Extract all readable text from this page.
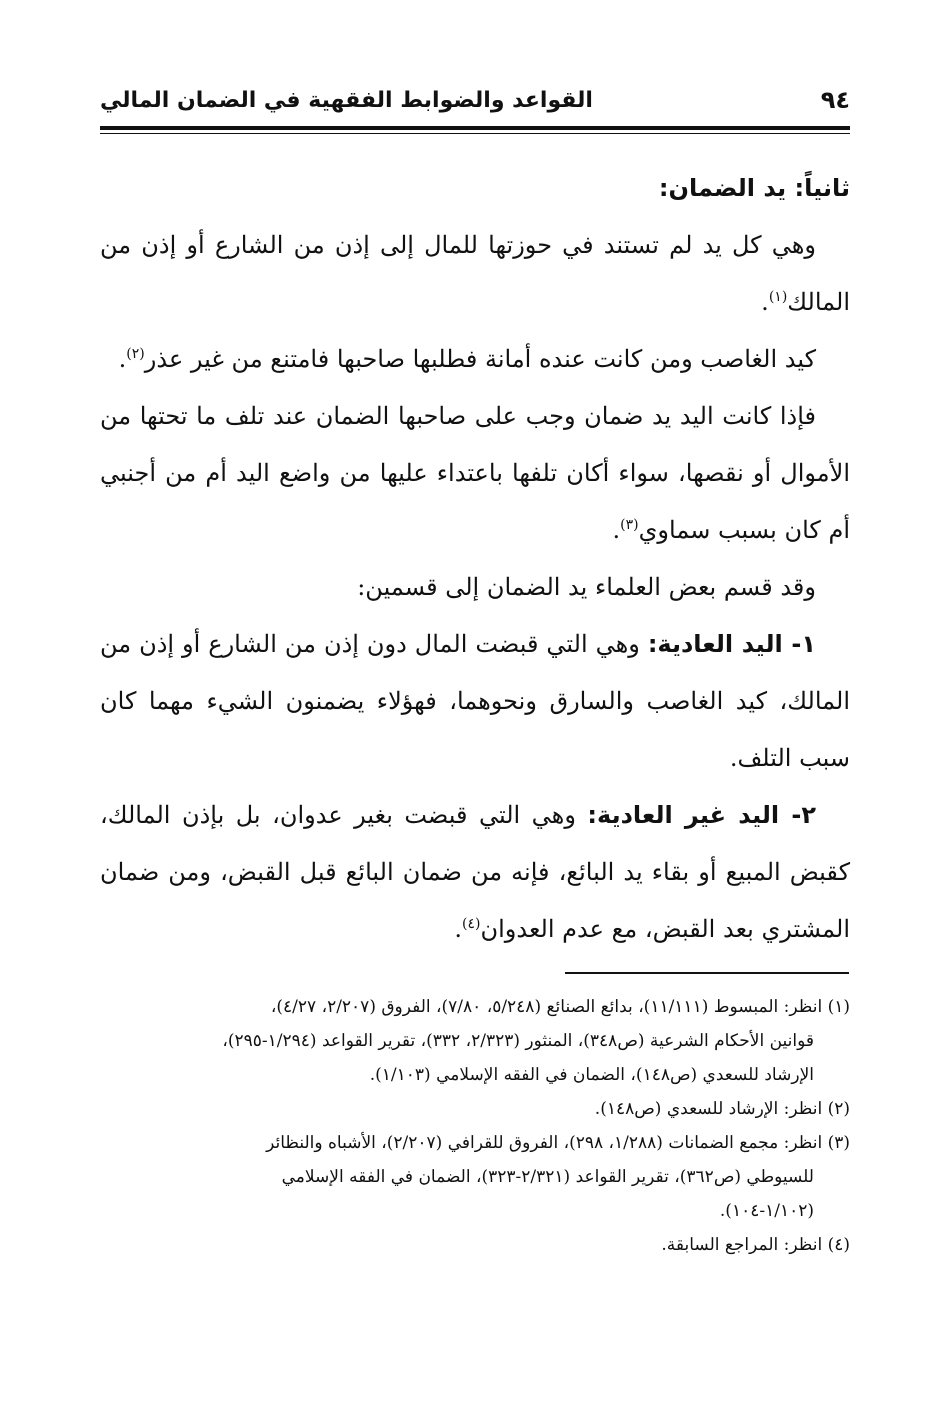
٩٤
القواعد والضوابط الفقهية في الضمان المالي

ثانياً: يد الضمان:

وهي كل يد لم تستند في حوزتها للمال إلى إذن من الشارع أو إذن من المالك$^{(١)}$.

كيد الغاصب ومن كانت عنده أمانة فطلبها صاحبها فامتنع من غير عذر$^{(٢)}$.

فإذا كانت اليد يد ضمان وجب على صاحبها الضمان عند تلف ما تحتها من الأموال أو نقصها، سواء أكان تلفها باعتداء عليها من واضع اليد أم من أجنبي أم كان بسبب سماوي$^{(٣)}$.

وقد قسم بعض العلماء يد الضمان إلى قسمين:

١- اليد العادية: وهي التي قبضت المال دون إذن من الشارع أو إذن من المالك، كيد الغاصب والسارق ونحوهما، فهؤلاء يضمنون الشيء مهما كان سبب التلف.

٢- اليد غير العادية: وهي التي قبضت بغير عدوان، بل بإذن المالك، كقبض المبيع أو بقاء يد البائع، فإنه من ضمان البائع قبل القبض، ومن ضمان المشتري بعد القبض، مع عدم العدوان$^{(٤)}$.

(١) انظر: المبسوط (١١/١١١)، بدائع الصنائع (٥/٢٤٨، ٧/٨٠)، الفروق (٢/٢٠٧، ٤/٢٧)،

قوانين الأحكام الشرعية (ص٣٤٨)، المنثور (٢/٣٢٣، ٣٣٢)، تقرير القواعد (١/٢٩٤-٢٩٥)،

الإرشاد للسعدي (ص١٤٨)، الضمان في الفقه الإسلامي (١/١٠٣).

(٢) انظر: الإرشاد للسعدي (ص١٤٨).

(٣) انظر: مجمع الضمانات (١/٢٨٨، ٢٩٨)، الفروق للقرافي (٢/٢٠٧)، الأشباه والنظائر

للسيوطي (ص٣٦٢)، تقرير القواعد (٢/٣٢١-٣٢٣)، الضمان في الفقه الإسلامي

(١/١٠٢-١٠٤).

(٤) انظر: المراجع السابقة.
